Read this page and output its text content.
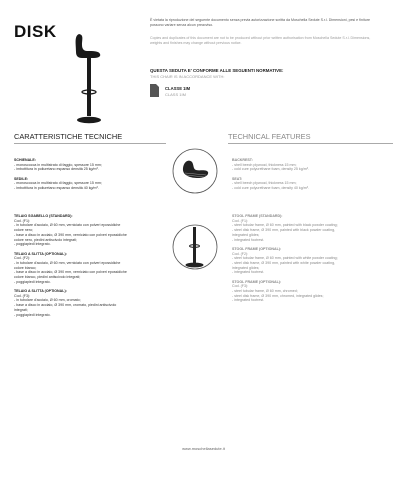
DISK
È vietata la riproduzione del seguente documento senza previa autorizzazione scritta da Moschella Sedute S.r.l. Dimensioni, pesi e finiture possono variare senza alcun preavviso.
Copies and duplicates of this document are not to be produced without prior written authorisation from Moschella Sedute S.r.l. Dimensions, weights and finishes may change without previous notice.
QUESTA SEDUTA E' CONFORME ALLE SEGUENTI NORMATIVE:
THIS CHAIR IS IN ACCORDANCE WITH:
CLASSE 1IM
CLASS 1IM
CARATTERISTICHE TECNICHE	TECHNICAL FEATURES

SCHIENALE:

- monoscocca in multistrato di faggio, spessore 15 mm;

- imbottitura in poliuretano espanso densità 25 kg/m³.

SEDILE:

- monoscocca in multistrato di faggio, spessore 15 mm;

- imbottitura in poliuretano espanso densità 40 kg/m³.

TELAIO SGABELLO (STANDARD):

Cod. (F1):

- in tubolare d'acciaio, Ø 60 mm, verniciato con polveri epossidiche

colore nero;

- base a disco in acciaio, Ø 390 mm, verniciato con polveri epossidiche

colore nero, piedini antiscivolo integrati;

- poggiapiedi integrato.

TELAIO A SLITTA (OPTIONAL):

Cod. (F2):

- in tubolare d'acciaio, Ø 60 mm, verniciato con polveri epossidiche

colore bianco;

- base a disco in acciaio, Ø 390 mm, verniciato con polveri epossidiche

colore bianco, piedini antiscivolo integrati;

- poggiapiedi integrato.

TELAIO A SLITTA (OPTIONAL):

Cod. (F3):

- in tubolare d'acciaio, Ø 60 mm, cromato;

- base a disco in acciaio, Ø 390 mm, cromato, piedini antiscivolo

integrati;

- poggiapiedi integrato.

BACKREST:

- shell beech plywood, thickness 15 mm;

- cold cure polyurethane foam, density 25 kg/m³.

SEAT:

- shell beech plywood, thickness 15 mm;

- cold cure polyurethane foam, density 40 kg/m³.

STOOL FRAME (STANDARD):

Cod. (F1):

- steel tubular frame, Ø 60 mm, painted with black powder coating;

- steel disk frame, Ø 390 mm, painted with black powder coating,

integrated glides;

- integrated footrest.

STOOL FRAME (OPTIONAL):

Cod. (F2):

- steel tubular frame, Ø 60 mm, painted with white powder coating;

- steel disk frame, Ø 390 mm, painted with white powder coating,

integrated glides;

- integrated footrest.

STOOL FRAME (OPTIONAL):

Cod. (F3):

- steel tubular frame, Ø 60 mm, chromed;

- steel disk frame, Ø 390 mm, chromed, integrated glides;

- integrated footrest.

www.moschellasedute.it
